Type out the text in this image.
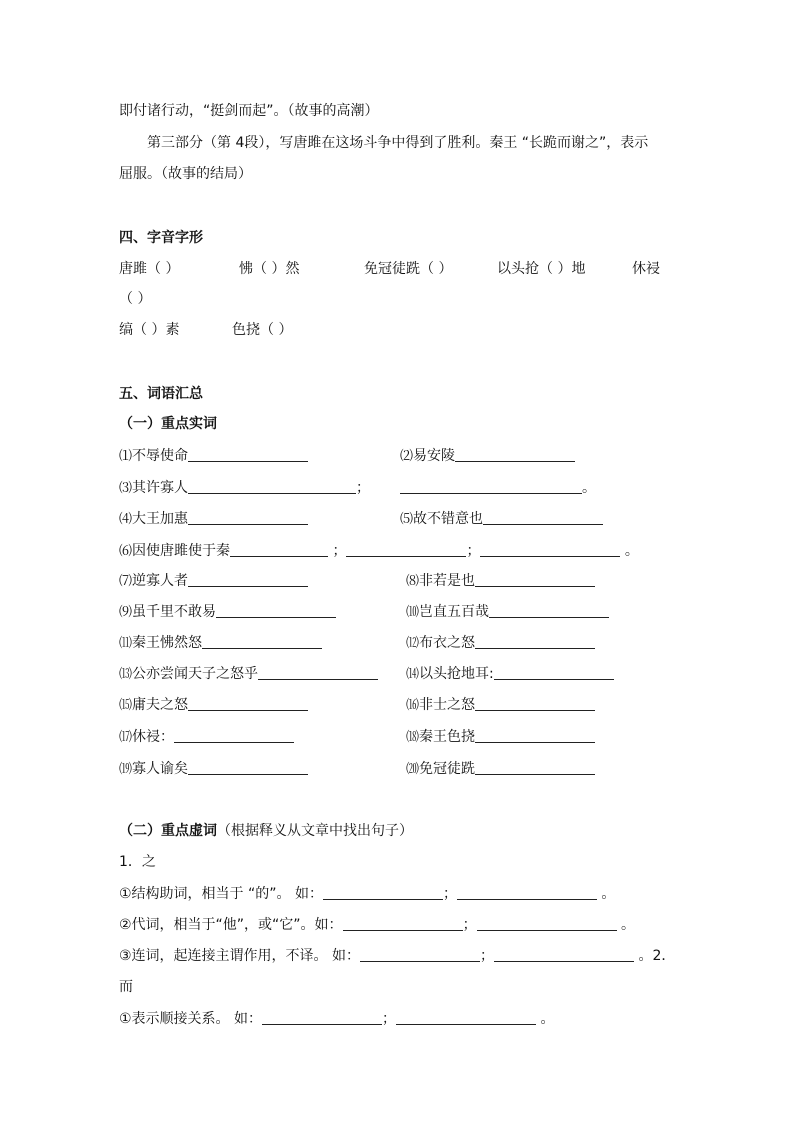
即付诸行动，“挺剑而起”。（故事的高潮）
第三部分（第 4段），写唐雎在这场斗争中得到了胜利。秦王 “长跪而谢之”，表示
屈服。（故事的结局）
四、字音字形
唐雎（ ）	怫（ ）然	免冠徒跣（ ）	以头抢（ ）地	休祲
（ ）
缟（ ）素	色挠（ ）
五、词语汇总
（一）重点实词
⑴不辱使命	⑵易安陵
⑶其许寡人	；	。
⑷大王加惠	⑸故不错意也
⑹因使唐雎使于秦	；	；	。
⑺逆寡人者	⑻非若是也
⑼虽千里不敢易	⑽岂直五百哉
⑾秦王怫然怒	⑿布衣之怒
⒀公亦尝闻天子之怒乎	⒁以头抢地耳:
⒂庸夫之怒	⒃非士之怒
⒄休祲：	⒅秦王色挠
⒆寡人谕矣	⒇免冠徒跣
（二）重点虚词（根据释义从文章中找出句子）
1．之
①结构助词，相当于 “的”。 如：	；	。
②代词，相当于“他”，或“它”。如：	；	。
③连词，起连接主谓作用，不译。 如：	；	。2．
而
①表示顺接关系。 如：	；	。
